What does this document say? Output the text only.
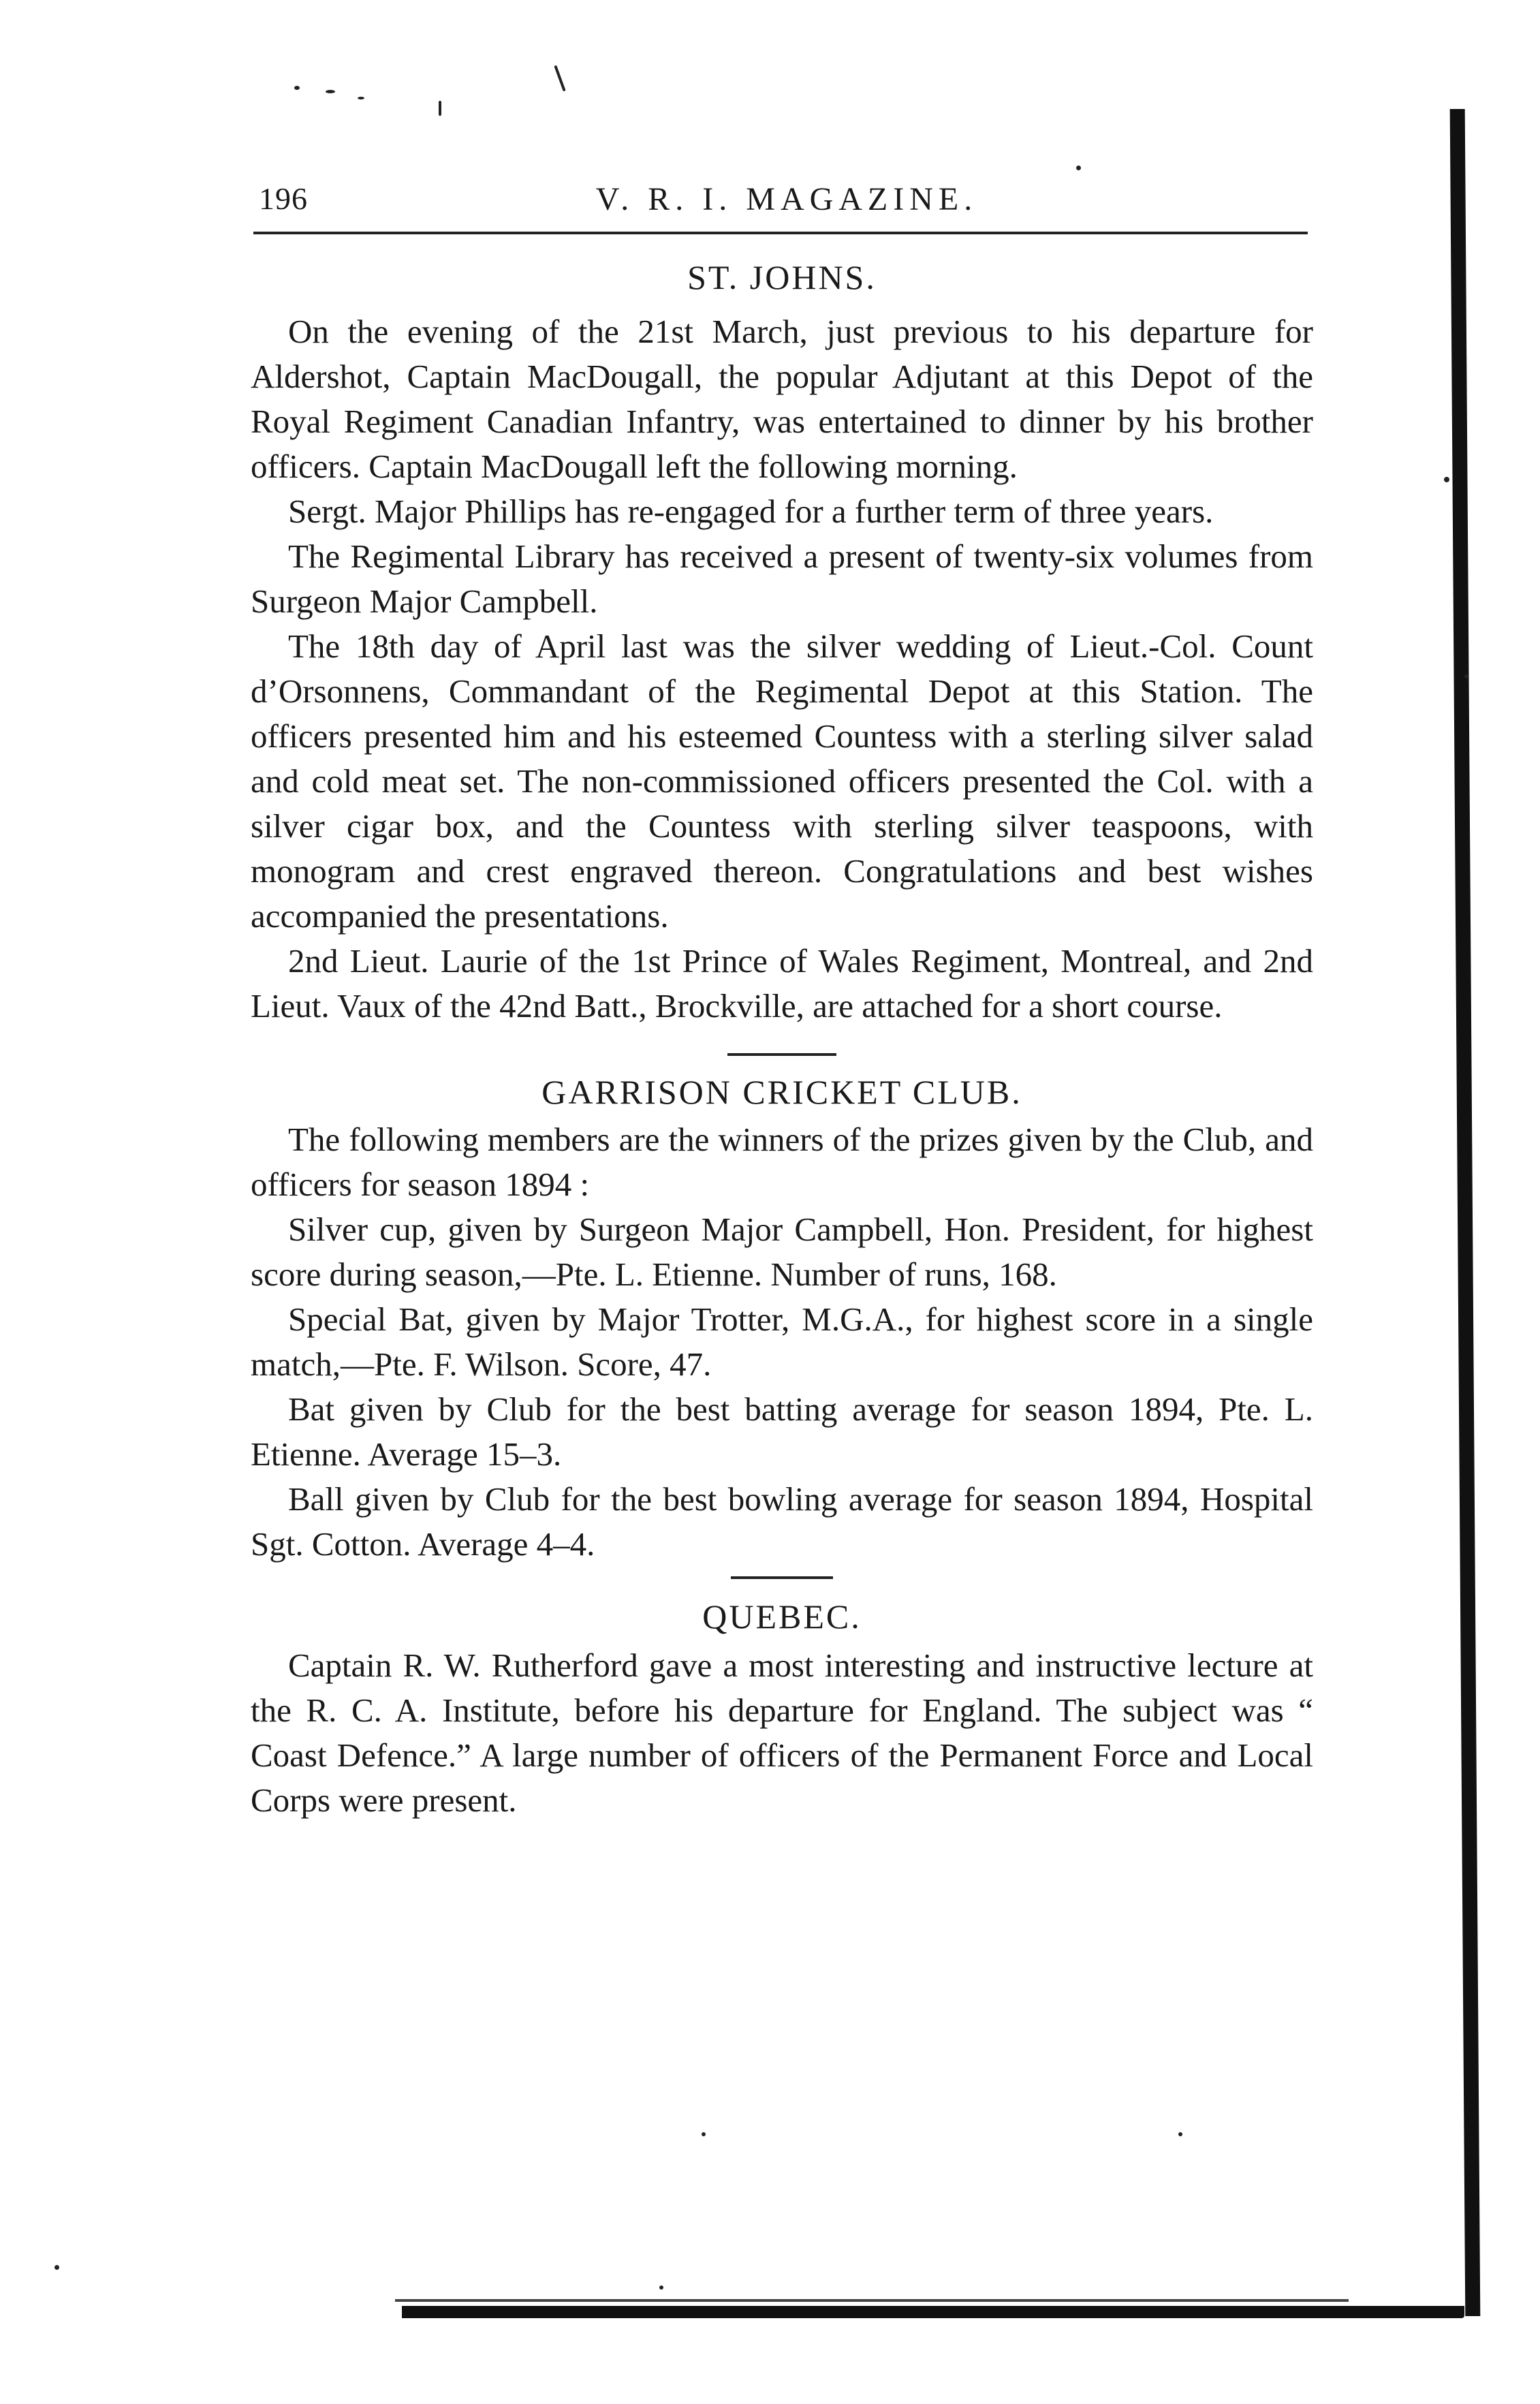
196	V. R. I. MAGAZINE.
ST. JOHNS.

On the evening of the 21st March, just previous to his departure for Aldershot, Captain MacDougall, the popular Adjutant at this Depot of the Royal Regiment Canadian Infantry, was entertained to dinner by his brother officers. Captain MacDougall left the following morning.

Sergt. Major Phillips has re-engaged for a further term of three years.

The Regimental Library has received a present of twenty-six volumes from Surgeon Major Campbell.

The 18th day of April last was the silver wedding of Lieut.-Col. Count d’Orsonnens, Commandant of the Regimental Depot at this Station. The officers presented him and his esteemed Countess with a sterling silver salad and cold meat set. The non-commissioned officers presented the Col. with a silver cigar box, and the Countess with sterling silver teaspoons, with monogram and crest engraved thereon. Congratulations and best wishes accompanied the presentations.

2nd Lieut. Laurie of the 1st Prince of Wales Regiment, Montreal, and 2nd Lieut. Vaux of the 42nd Batt., Brockville, are attached for a short course.

GARRISON CRICKET CLUB.

The following members are the winners of the prizes given by the Club, and officers for season 1894 :

Silver cup, given by Surgeon Major Campbell, Hon. President, for highest score during season,—Pte. L. Etienne. Number of runs, 168.

Special Bat, given by Major Trotter, M.G.A., for highest score in a single match,—Pte. F. Wilson. Score, 47.

Bat given by Club for the best batting average for season 1894, Pte. L. Etienne. Average 15–3.

Ball given by Club for the best bowling average for season 1894, Hospital Sgt. Cotton. Average 4–4.

QUEBEC.

Captain R. W. Rutherford gave a most interesting and instructive lecture at the R. C. A. Institute, before his departure for England. The subject was “ Coast Defence.” A large number of officers of the Permanent Force and Local Corps were present.
